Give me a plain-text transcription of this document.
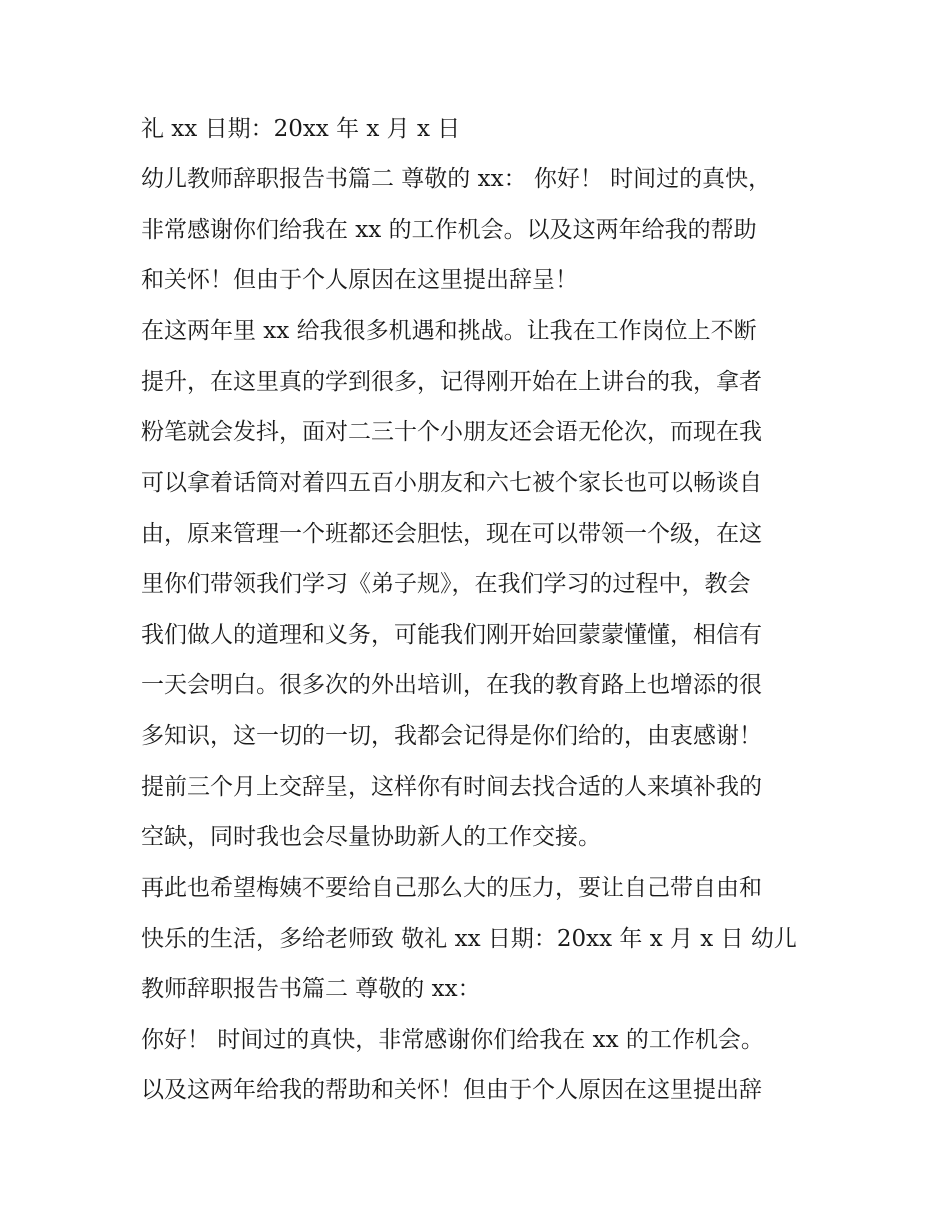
礼 xx 日期：20xx 年 x 月 x 日
幼儿教师辞职报告书篇二 尊敬的 xx： 你好！ 时间过的真快，
非常感谢你们给我在 xx 的工作机会。以及这两年给我的帮助
和关怀！但由于个人原因在这里提出辞呈！
在这两年里 xx 给我很多机遇和挑战。让我在工作岗位上不断
提升，在这里真的学到很多，记得刚开始在上讲台的我，拿者
粉笔就会发抖，面对二三十个小朋友还会语无伦次，而现在我
可以拿着话筒对着四五百小朋友和六七被个家长也可以畅谈自
由，原来管理一个班都还会胆怯，现在可以带领一个级，在这
里你们带领我们学习《弟子规》，在我们学习的过程中，教会
我们做人的道理和义务，可能我们刚开始回蒙蒙懂懂，相信有
一天会明白。很多次的外出培训，在我的教育路上也增添的很
多知识，这一切的一切，我都会记得是你们给的，由衷感谢！
提前三个月上交辞呈，这样你有时间去找合适的人来填补我的
空缺，同时我也会尽量协助新人的工作交接。
再此也希望梅姨不要给自己那么大的压力，要让自己带自由和
快乐的生活，多给老师致 敬礼 xx 日期：20xx 年 x 月 x 日 幼儿
教师辞职报告书篇二 尊敬的 xx：
你好！ 时间过的真快，非常感谢你们给我在 xx 的工作机会。
以及这两年给我的帮助和关怀！但由于个人原因在这里提出辞
